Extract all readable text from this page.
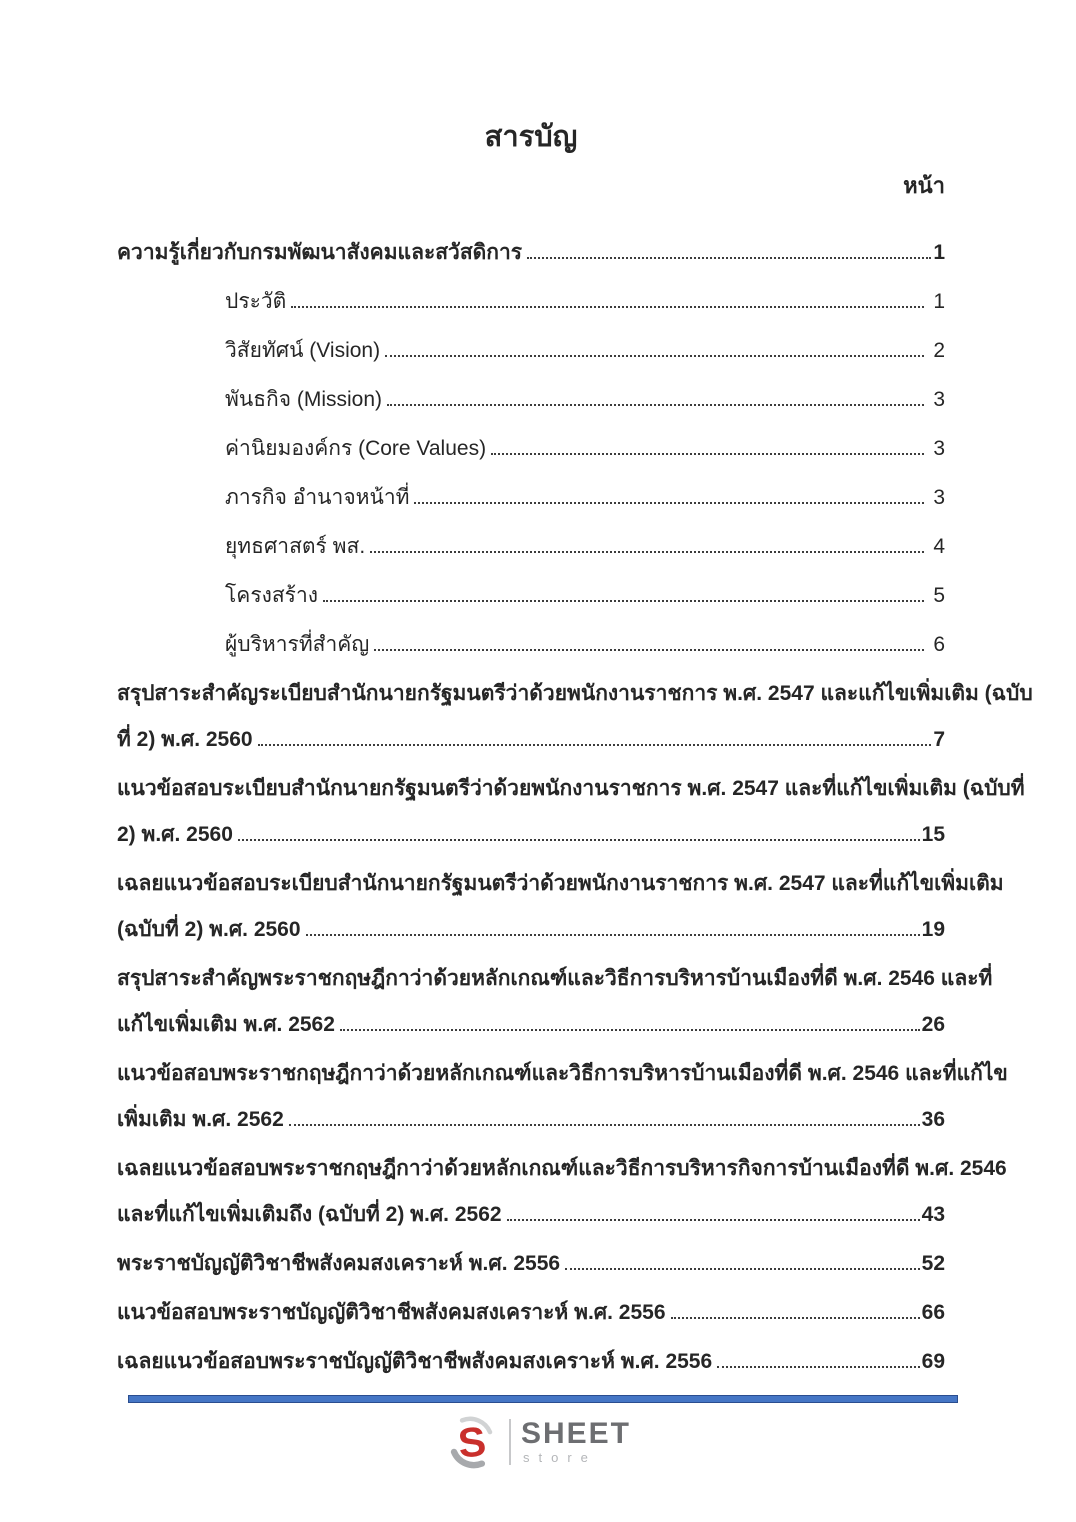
สารบัญ
หน้า
ความรู้เกี่ยวกับกรมพัฒนาสังคมและสวัสดิการ	1
ประวัติ	1
วิสัยทัศน์ (Vision)	2
พันธกิจ (Mission)	3
ค่านิยมองค์กร (Core Values)	3
ภารกิจ อำนาจหน้าที่	3
ยุทธศาสตร์ พส.	4
โครงสร้าง	5
ผู้บริหารที่สำคัญ	6
สรุปสาระสำคัญระเบียบสำนักนายกรัฐมนตรีว่าด้วยพนักงานราชการ พ.ศ. 2547 และแก้ไขเพิ่มเติม (ฉบับ
ที่ 2) พ.ศ. 2560	7
แนวข้อสอบระเบียบสำนักนายกรัฐมนตรีว่าด้วยพนักงานราชการ พ.ศ. 2547 และที่แก้ไขเพิ่มเติม (ฉบับที่
2) พ.ศ. 2560	15
เฉลยแนวข้อสอบระเบียบสำนักนายกรัฐมนตรีว่าด้วยพนักงานราชการ พ.ศ. 2547 และที่แก้ไขเพิ่มเติม
(ฉบับที่ 2) พ.ศ. 2560	19
สรุปสาระสำคัญพระราชกฤษฎีกาว่าด้วยหลักเกณฑ์และวิธีการบริหารบ้านเมืองที่ดี พ.ศ. 2546 และที่
แก้ไขเพิ่มเติม พ.ศ. 2562	26
แนวข้อสอบพระราชกฤษฎีกาว่าด้วยหลักเกณฑ์และวิธีการบริหารบ้านเมืองที่ดี พ.ศ. 2546 และที่แก้ไข
เพิ่มเติม พ.ศ. 2562	36
เฉลยแนวข้อสอบพระราชกฤษฎีกาว่าด้วยหลักเกณฑ์และวิธีการบริหารกิจการบ้านเมืองที่ดี พ.ศ. 2546
และที่แก้ไขเพิ่มเติมถึง (ฉบับที่ 2) พ.ศ. 2562	43
พระราชบัญญัติวิชาชีพสังคมสงเคราะห์ พ.ศ. 2556	52
แนวข้อสอบพระราชบัญญัติวิชาชีพสังคมสงเคราะห์ พ.ศ. 2556	66
เฉลยแนวข้อสอบพระราชบัญญัติวิชาชีพสังคมสงเคราะห์ พ.ศ. 2556	69
S SHEET
store
